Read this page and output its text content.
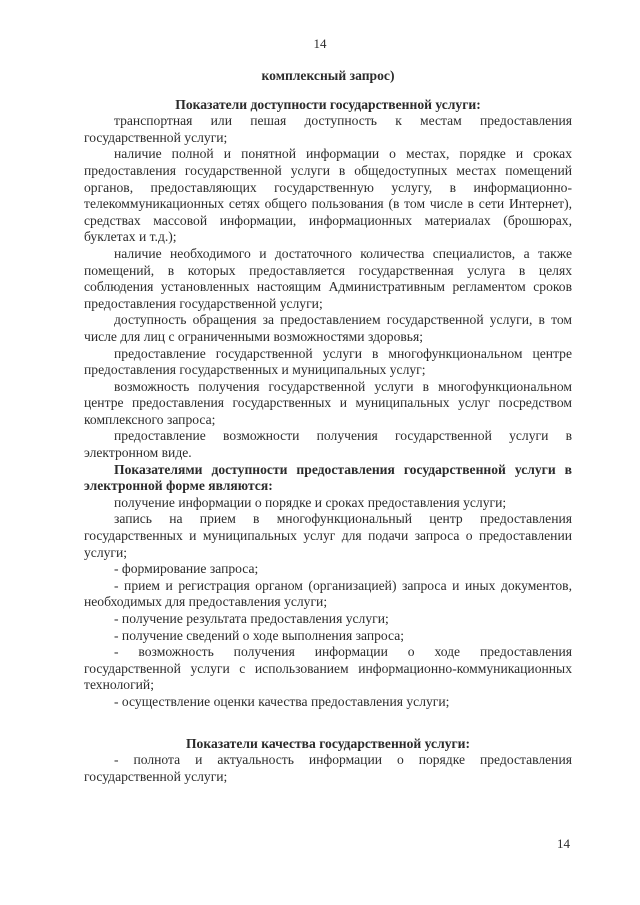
14

комплексный запрос)

Показатели доступности государственной услуги:

транспортная или пешая доступность к местам предоставления государственной услуги;

наличие полной и понятной информации о местах, порядке и сроках предоставления государственной услуги в общедоступных местах помещений органов, предоставляющих государственную услугу, в информационно-телекоммуникационных сетях общего пользования (в том числе в сети Интернет), средствах массовой информации, информационных материалах (брошюрах, буклетах и т.д.);

наличие необходимого и достаточного количества специалистов, а также помещений, в которых предоставляется государственная услуга в целях соблюдения установленных настоящим Административным регламентом сроков предоставления государственной услуги;

доступность обращения за предоставлением государственной услуги, в том числе для лиц с ограниченными возможностями здоровья;

предоставление государственной услуги в многофункциональном центре предоставления государственных и муниципальных услуг;

возможность получения государственной услуги в многофункциональном центре предоставления государственных и муниципальных услуг посредством комплексного запроса;

предоставление возможности получения государственной услуги в электронном виде.

Показателями доступности предоставления государственной услуги в электронной форме являются:

получение информации о порядке и сроках предоставления услуги;

запись на прием в многофункциональный центр предоставления государственных и муниципальных услуг для подачи запроса о предоставлении услуги;

- формирование запроса;

- прием и регистрация органом (организацией) запроса и иных документов, необходимых для предоставления услуги;

- получение результата предоставления услуги;

- получение сведений о ходе выполнения запроса;

- возможность получения информации о ходе предоставления государственной услуги с использованием информационно-коммуникационных технологий;

- осуществление оценки качества предоставления услуги;

Показатели качества государственной услуги:

- полнота и актуальность информации о порядке предоставления государственной услуги;

14
